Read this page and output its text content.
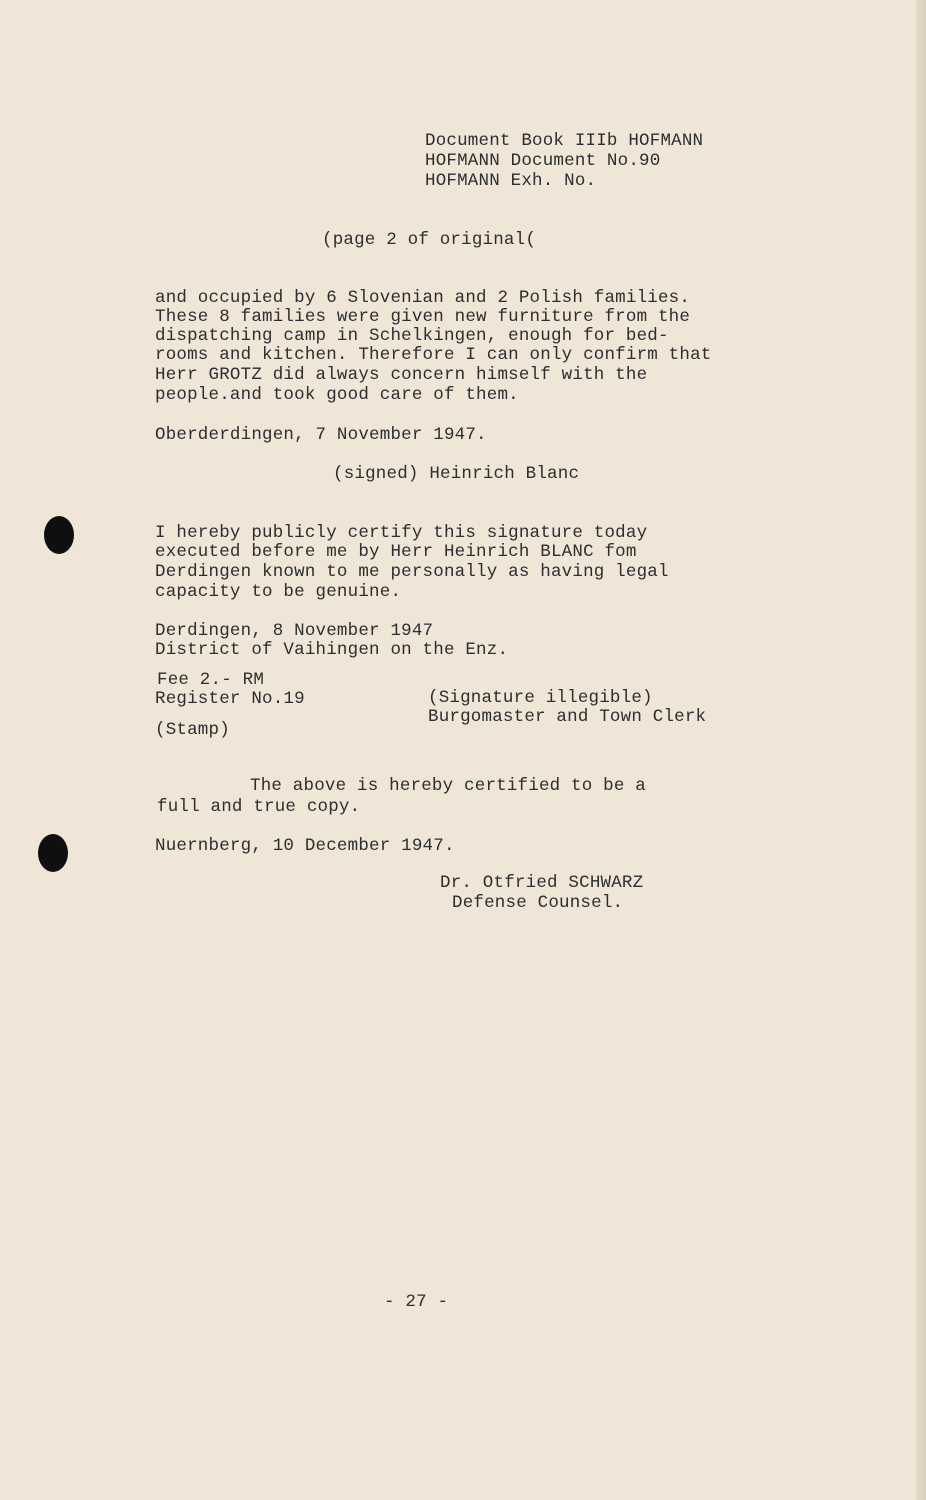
Document Book IIIb HOFMANN
HOFMANN Document No.90
HOFMANN Exh. No.
(page 2 of original(
and occupied by 6 Slovenian and 2 Polish families.
These 8 families were given new furniture from the
dispatching camp in Schelkingen, enough for bed-
rooms and kitchen. Therefore I can only confirm that
Herr GROTZ did always concern himself with the
people.and took good care of them.
Oberderdingen, 7 November 1947.
(signed) Heinrich Blanc
I hereby publicly certify this signature today
executed before me by Herr Heinrich BLANC fom
Derdingen known to me personally as having legal
capacity to be genuine.
Derdingen, 8 November 1947
District of Vaihingen on the Enz.
Fee 2.- RM
Register No.19
(Stamp)
(Signature illegible)
Burgomaster and Town Clerk
The above is hereby certified to be a
full and true copy.
Nuernberg, 10 December 1947.
Dr. Otfried SCHWARZ
Defense Counsel.
- 27 -
